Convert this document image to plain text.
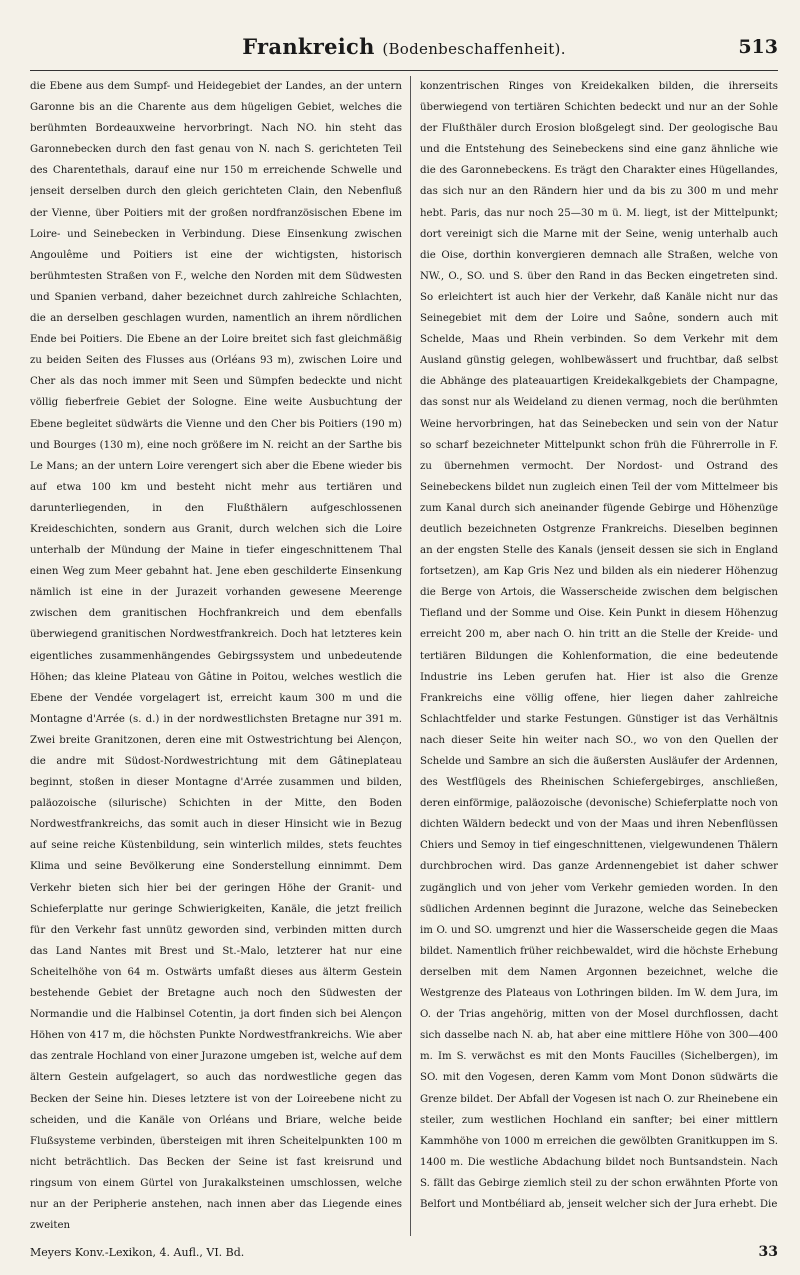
Frankreich (Bodenbeschaffenheit).	513

die Ebene aus dem Sumpf- und Heidegebiet der Landes, an der untern Garonne bis an die Charente aus dem hügeligen Gebiet, welches die berühmten Bordeauxweine hervorbringt. Nach NO. hin steht das Garonnebecken durch den fast genau von N. nach S. gerichteten Teil des Charentethals, darauf eine nur 150 m erreichende Schwelle und jenseit derselben durch den gleich gerichteten Clain, den Nebenfluß der Vienne, über Poitiers mit der großen nordfranzösischen Ebene im Loire- und Seinebecken in Verbindung. Diese Einsenkung zwischen Angoulême und Poitiers ist eine der wichtigsten, historisch berühmtesten Straßen von F., welche den Norden mit dem Südwesten und Spanien verband, daher bezeichnet durch zahlreiche Schlachten, die an derselben geschlagen wurden, namentlich an ihrem nördlichen Ende bei Poitiers. Die Ebene an der Loire breitet sich fast gleichmäßig zu beiden Seiten des Flusses aus (Orléans 93 m), zwischen Loire und Cher als das noch immer mit Seen und Sümpfen bedeckte und nicht völlig fieberfreie Gebiet der Sologne. Eine weite Ausbuchtung der Ebene begleitet südwärts die Vienne und den Cher bis Poitiers (190 m) und Bourges (130 m), eine noch größere im N. reicht an der Sarthe bis Le Mans; an der untern Loire verengert sich aber die Ebene wieder bis auf etwa 100 km und besteht nicht mehr aus tertiären und darunterliegenden, in den Flußthälern aufgeschlossenen Kreideschichten, sondern aus Granit, durch welchen sich die Loire unterhalb der Mündung der Maine in tiefer eingeschnittenem Thal einen Weg zum Meer gebahnt hat. Jene eben geschilderte Einsenkung nämlich ist eine in der Jurazeit vorhanden gewesene Meerenge zwischen dem granitischen Hochfrankreich und dem ebenfalls überwiegend granitischen Nordwestfrankreich. Doch hat letzteres kein eigentliches zusammenhängendes Gebirgssystem und unbedeutende Höhen; das kleine Plateau von Gâtine in Poitou, welches westlich die Ebene der Vendée vorgelagert ist, erreicht kaum 300 m und die Montagne d'Arrée (s. d.) in der nordwestlichsten Bretagne nur 391 m. Zwei breite Granitzonen, deren eine mit Ostwestrichtung bei Alençon, die andre mit Südost-Nordwestrichtung mit dem Gâtineplateau beginnt, stoßen in dieser Montagne d'Arrée zusammen und bilden, paläozoische (silurische) Schichten in der Mitte, den Boden Nordwestfrankreichs, das somit auch in dieser Hinsicht wie in Bezug auf seine reiche Küstenbildung, sein winterlich mildes, stets feuchtes Klima und seine Bevölkerung eine Sonderstellung einnimmt. Dem Verkehr bieten sich hier bei der geringen Höhe der Granit- und Schieferplatte nur geringe Schwierigkeiten, Kanäle, die jetzt freilich für den Verkehr fast unnütz geworden sind, verbinden mitten durch das Land Nantes mit Brest und St.-Malo, letzterer hat nur eine Scheitelhöhe von 64 m. Ostwärts umfaßt dieses aus älterm Gestein bestehende Gebiet der Bretagne auch noch den Südwesten der Normandie und die Halbinsel Cotentin, ja dort finden sich bei Alençon Höhen von 417 m, die höchsten Punkte Nordwestfrankreichs. Wie aber das zentrale Hochland von einer Jurazone umgeben ist, welche auf dem ältern Gestein aufgelagert, so auch das nordwestliche gegen das Becken der Seine hin. Dieses letztere ist von der Loireebene nicht zu scheiden, und die Kanäle von Orléans und Briare, welche beide Flußsysteme verbinden, übersteigen mit ihren Scheitelpunkten 100 m nicht beträchtlich. Das Becken der Seine ist fast kreisrund und ringsum von einem Gürtel von Jurakalksteinen umschlossen, welche nur an der Peripherie anstehen, nach innen aber das Liegende eines zweiten

konzentrischen Ringes von Kreidekalken bilden, die ihrerseits überwiegend von tertiären Schichten bedeckt und nur an der Sohle der Flußthäler durch Erosion bloßgelegt sind. Der geologische Bau und die Entstehung des Seinebeckens sind eine ganz ähnliche wie die des Garonnebeckens. Es trägt den Charakter eines Hügellandes, das sich nur an den Rändern hier und da bis zu 300 m und mehr hebt. Paris, das nur noch 25—30 m ü. M. liegt, ist der Mittelpunkt; dort vereinigt sich die Marne mit der Seine, wenig unterhalb auch die Oise, dorthin konvergieren demnach alle Straßen, welche von NW., O., SO. und S. über den Rand in das Becken eingetreten sind. So erleichtert ist auch hier der Verkehr, daß Kanäle nicht nur das Seinegebiet mit dem der Loire und Saône, sondern auch mit Schelde, Maas und Rhein verbinden. So dem Verkehr mit dem Ausland günstig gelegen, wohlbewässert und fruchtbar, daß selbst die Abhänge des plateauartigen Kreidekalkgebiets der Champagne, das sonst nur als Weideland zu dienen vermag, noch die berühmten Weine hervorbringen, hat das Seinebecken und sein von der Natur so scharf bezeichneter Mittelpunkt schon früh die Führerrolle in F. zu übernehmen vermocht. Der Nordost- und Ostrand des Seinebeckens bildet nun zugleich einen Teil der vom Mittelmeer bis zum Kanal durch sich aneinander fügende Gebirge und Höhenzüge deutlich bezeichneten Ostgrenze Frankreichs. Dieselben beginnen an der engsten Stelle des Kanals (jenseit dessen sie sich in England fortsetzen), am Kap Gris Nez und bilden als ein niederer Höhenzug die Berge von Artois, die Wasserscheide zwischen dem belgischen Tiefland und der Somme und Oise. Kein Punkt in diesem Höhenzug erreicht 200 m, aber nach O. hin tritt an die Stelle der Kreide- und tertiären Bildungen die Kohlenformation, die eine bedeutende Industrie ins Leben gerufen hat. Hier ist also die Grenze Frankreichs eine völlig offene, hier liegen daher zahlreiche Schlachtfelder und starke Festungen. Günstiger ist das Verhältnis nach dieser Seite hin weiter nach SO., wo von den Quellen der Schelde und Sambre an sich die äußersten Ausläufer der Ardennen, des Westflügels des Rheinischen Schiefergebirges, anschließen, deren einförmige, paläozoische (devonische) Schieferplatte noch von dichten Wäldern bedeckt und von der Maas und ihren Nebenflüssen Chiers und Semoy in tief eingeschnittenen, vielgewundenen Thälern durchbrochen wird. Das ganze Ardennengebiet ist daher schwer zugänglich und von jeher vom Verkehr gemieden worden. In den südlichen Ardennen beginnt die Jurazone, welche das Seinebecken im O. und SO. umgrenzt und hier die Wasserscheide gegen die Maas bildet. Namentlich früher reichbewaldet, wird die höchste Erhebung derselben mit dem Namen Argonnen bezeichnet, welche die Westgrenze des Plateaus von Lothringen bilden. Im W. dem Jura, im O. der Trias angehörig, mitten von der Mosel durchflossen, dacht sich dasselbe nach N. ab, hat aber eine mittlere Höhe von 300—400 m. Im S. verwächst es mit den Monts Faucilles (Sichelbergen), im SO. mit den Vogesen, deren Kamm vom Mont Donon südwärts die Grenze bildet. Der Abfall der Vogesen ist nach O. zur Rheinebene ein steiler, zum westlichen Hochland ein sanfter; bei einer mittlern Kammhöhe von 1000 m erreichen die gewölbten Granitkuppen im S. 1400 m. Die westliche Abdachung bildet noch Buntsandstein. Nach S. fällt das Gebirge ziemlich steil zu der schon erwähnten Pforte von Belfort und Montbéliard ab, jenseit welcher sich der Jura erhebt. Die

Meyers Konv.-Lexikon, 4. Aufl., VI. Bd.	33
